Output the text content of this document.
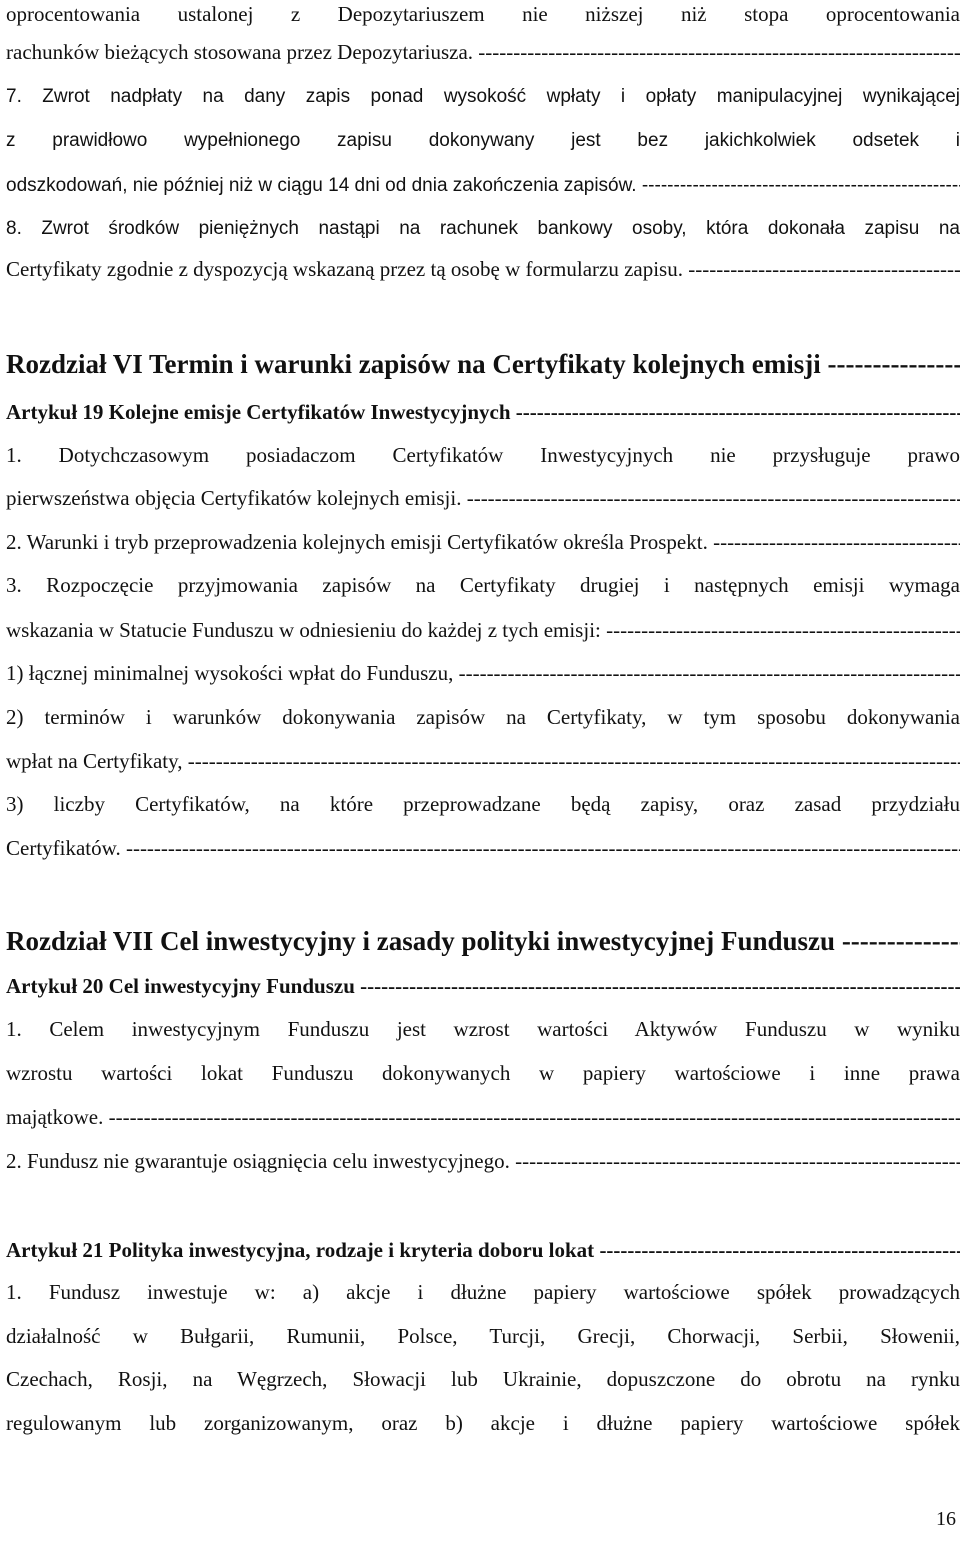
oprocentowania ustalonej z Depozytariuszem nie niższej niż stopa oprocentowania
rachunków bieżących stosowana przez Depozytariusza. -----
7. Zwrot nadpłaty na dany zapis ponad wysokość wpłaty i opłaty manipulacyjnej wynikającej
z prawidłowo wypełnionego zapisu dokonywany jest bez jakichkolwiek odsetek i
odszkodowań, nie później niż w ciągu 14 dni od dnia zakończenia zapisów. -----
8. Zwrot środków pieniężnych nastąpi na rachunek bankowy osoby, która dokonała zapisu na
Certyfikaty zgodnie z dyspozycją wskazaną przez tą osobę w formularzu zapisu. -----
Rozdział VI Termin i warunki zapisów na Certyfikaty kolejnych emisji -----
Artykuł 19 Kolejne emisje Certyfikatów Inwestycyjnych -----
1. Dotychczasowym posiadaczom Certyfikatów Inwestycyjnych nie przysługuje prawo
pierwszeństwa objęcia Certyfikatów kolejnych emisji. -----
2. Warunki i tryb przeprowadzenia kolejnych emisji Certyfikatów określa Prospekt. -----
3. Rozpoczęcie przyjmowania zapisów na Certyfikaty drugiej i następnych emisji wymaga
wskazania w Statucie Funduszu w odniesieniu do każdej z tych emisji: -----
1) łącznej minimalnej wysokości wpłat do Funduszu, -----
2) terminów i warunków dokonywania zapisów na Certyfikaty, w tym sposobu dokonywania
wpłat na Certyfikaty, -----
3) liczby Certyfikatów, na które przeprowadzane będą zapisy, oraz zasad przydziału
Certyfikatów. -----
Rozdział VII Cel inwestycyjny i zasady polityki inwestycyjnej Funduszu -----
Artykuł 20 Cel inwestycyjny Funduszu -----
1. Celem inwestycyjnym Funduszu jest wzrost wartości Aktywów Funduszu w wyniku
wzrostu wartości lokat Funduszu dokonywanych w papiery wartościowe i inne prawa
majątkowe. -----
2. Fundusz nie gwarantuje osiągnięcia celu inwestycyjnego. -----
Artykuł 21 Polityka inwestycyjna, rodzaje i kryteria doboru lokat -----
1. Fundusz inwestuje w: a) akcje i dłużne papiery wartościowe spółek prowadzących
działalność w Bułgarii, Rumunii, Polsce, Turcji, Grecji, Chorwacji, Serbii, Słowenii,
Czechach, Rosji, na Węgrzech, Słowacji lub Ukrainie, dopuszczone do obrotu na rynku
regulowanym lub zorganizowanym, oraz b) akcje i dłużne papiery wartościowe spółek
16
